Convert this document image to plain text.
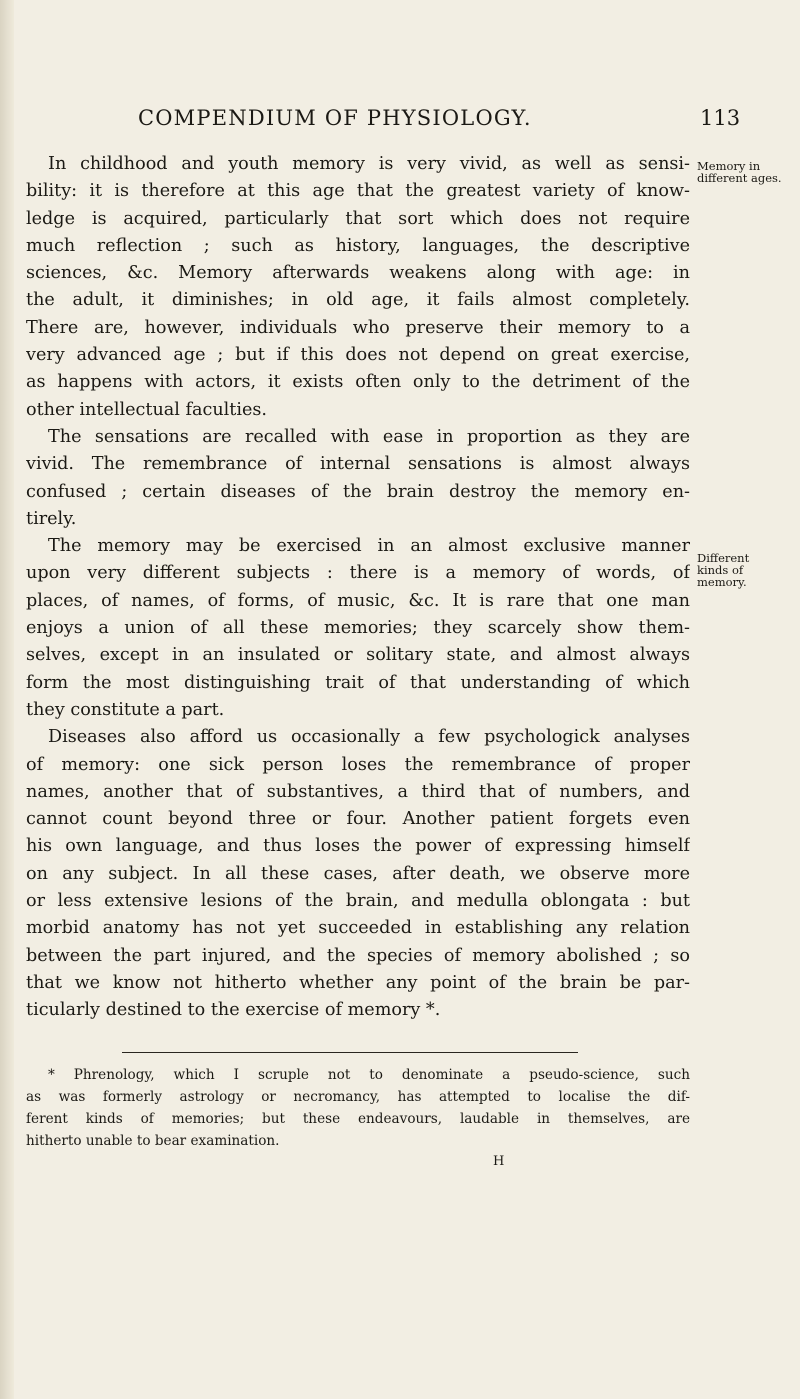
COMPENDIUM OF PHYSIOLOGY.	113
Memory in
different ages.
Different
kinds of
memory.
In childhood and youth memory is very vivid, as well as sensi-
bility: it is therefore at this age that the greatest variety of know-
ledge is acquired, particularly that sort which does not require
much reflection ; such as history, languages, the descriptive
sciences, &c. Memory afterwards weakens along with age: in
the adult, it diminishes; in old age, it fails almost completely.
There are, however, individuals who preserve their memory to a
very advanced age ; but if this does not depend on great exercise,
as happens with actors, it exists often only to the detriment of the
other intellectual faculties.
The sensations are recalled with ease in proportion as they are
vivid. The remembrance of internal sensations is almost always
confused ; certain diseases of the brain destroy the memory en-
tirely.
The memory may be exercised in an almost exclusive manner
upon very different subjects : there is a memory of words, of
places, of names, of forms, of music, &c. It is rare that one man
enjoys a union of all these memories; they scarcely show them-
selves, except in an insulated or solitary state, and almost always
form the most distinguishing trait of that understanding of which
they constitute a part.
Diseases also afford us occasionally a few psychologick analyses
of memory: one sick person loses the remembrance of proper
names, another that of substantives, a third that of numbers, and
cannot count beyond three or four. Another patient forgets even
his own language, and thus loses the power of expressing himself
on any subject. In all these cases, after death, we observe more
or less extensive lesions of the brain, and medulla oblongata : but
morbid anatomy has not yet succeeded in establishing any relation
between the part injured, and the species of memory abolished ; so
that we know not hitherto whether any point of the brain be par-
ticularly destined to the exercise of memory *.
* Phrenology, which I scruple not to denominate a pseudo-science, such
as was formerly astrology or necromancy, has attempted to localise the dif-
ferent kinds of memories; but these endeavours, laudable in themselves, are
hitherto unable to bear examination.
H
